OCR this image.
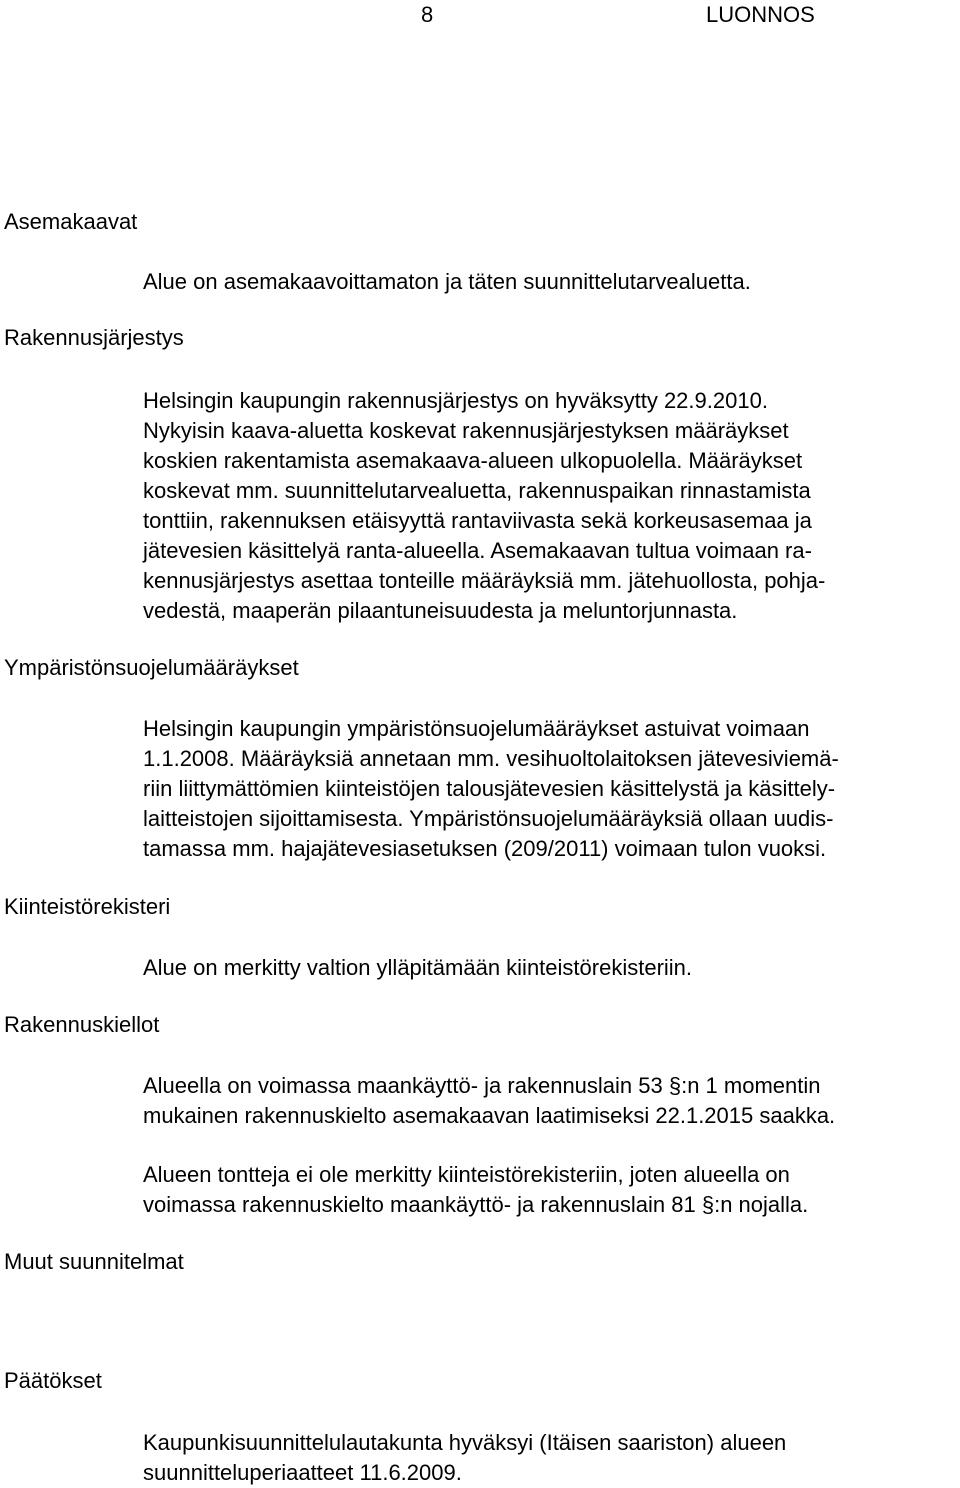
8	LUONNOS
Asemakaavat
Alue on asemakaavoittamaton ja täten suunnittelutarvealuetta.
Rakennusjärjestys
Helsingin kaupungin rakennusjärjestys on hyväksytty 22.9.2010.
Nykyisin kaava-aluetta koskevat rakennusjärjestyksen määräykset
koskien rakentamista asemakaava-alueen ulkopuolella. Määräykset
koskevat mm. suunnittelutarvealuetta, rakennuspaikan rinnastamista
tonttiin, rakennuksen etäisyyttä rantaviivasta sekä korkeusasemaa ja
jätevesien käsittelyä ranta-alueella. Asemakaavan tultua voimaan ra-
kennusjärjestys asettaa tonteille määräyksiä mm. jätehuollosta, pohja-
vedestä, maaperän pilaantuneisuudesta ja meluntorjunnasta.
Ympäristönsuojelumääräykset
Helsingin kaupungin ympäristönsuojelumääräykset astuivat voimaan
1.1.2008. Määräyksiä annetaan mm. vesihuoltolaitoksen jätevesiviemä-
riin liittymättömien kiinteistöjen talousjätevesien käsittelystä ja käsittely-
laitteistojen sijoittamisesta. Ympäristönsuojelumääräyksiä ollaan uudis-
tamassa mm. hajajätevesiasetuksen (209/2011) voimaan tulon vuoksi.
Kiinteistörekisteri
Alue on merkitty valtion ylläpitämään kiinteistörekisteriin.
Rakennuskiellot
Alueella on voimassa maankäyttö- ja rakennuslain 53 §:n 1 momentin
mukainen rakennuskielto asemakaavan laatimiseksi 22.1.2015 saakka.
Alueen tontteja ei ole merkitty kiinteistörekisteriin, joten alueella on
voimassa rakennuskielto maankäyttö- ja rakennuslain 81 §:n nojalla.
Muut suunnitelmat
Päätökset
Kaupunkisuunnittelulautakunta hyväksyi (Itäisen saariston) alueen
suunnitteluperiaatteet 11.6.2009.
